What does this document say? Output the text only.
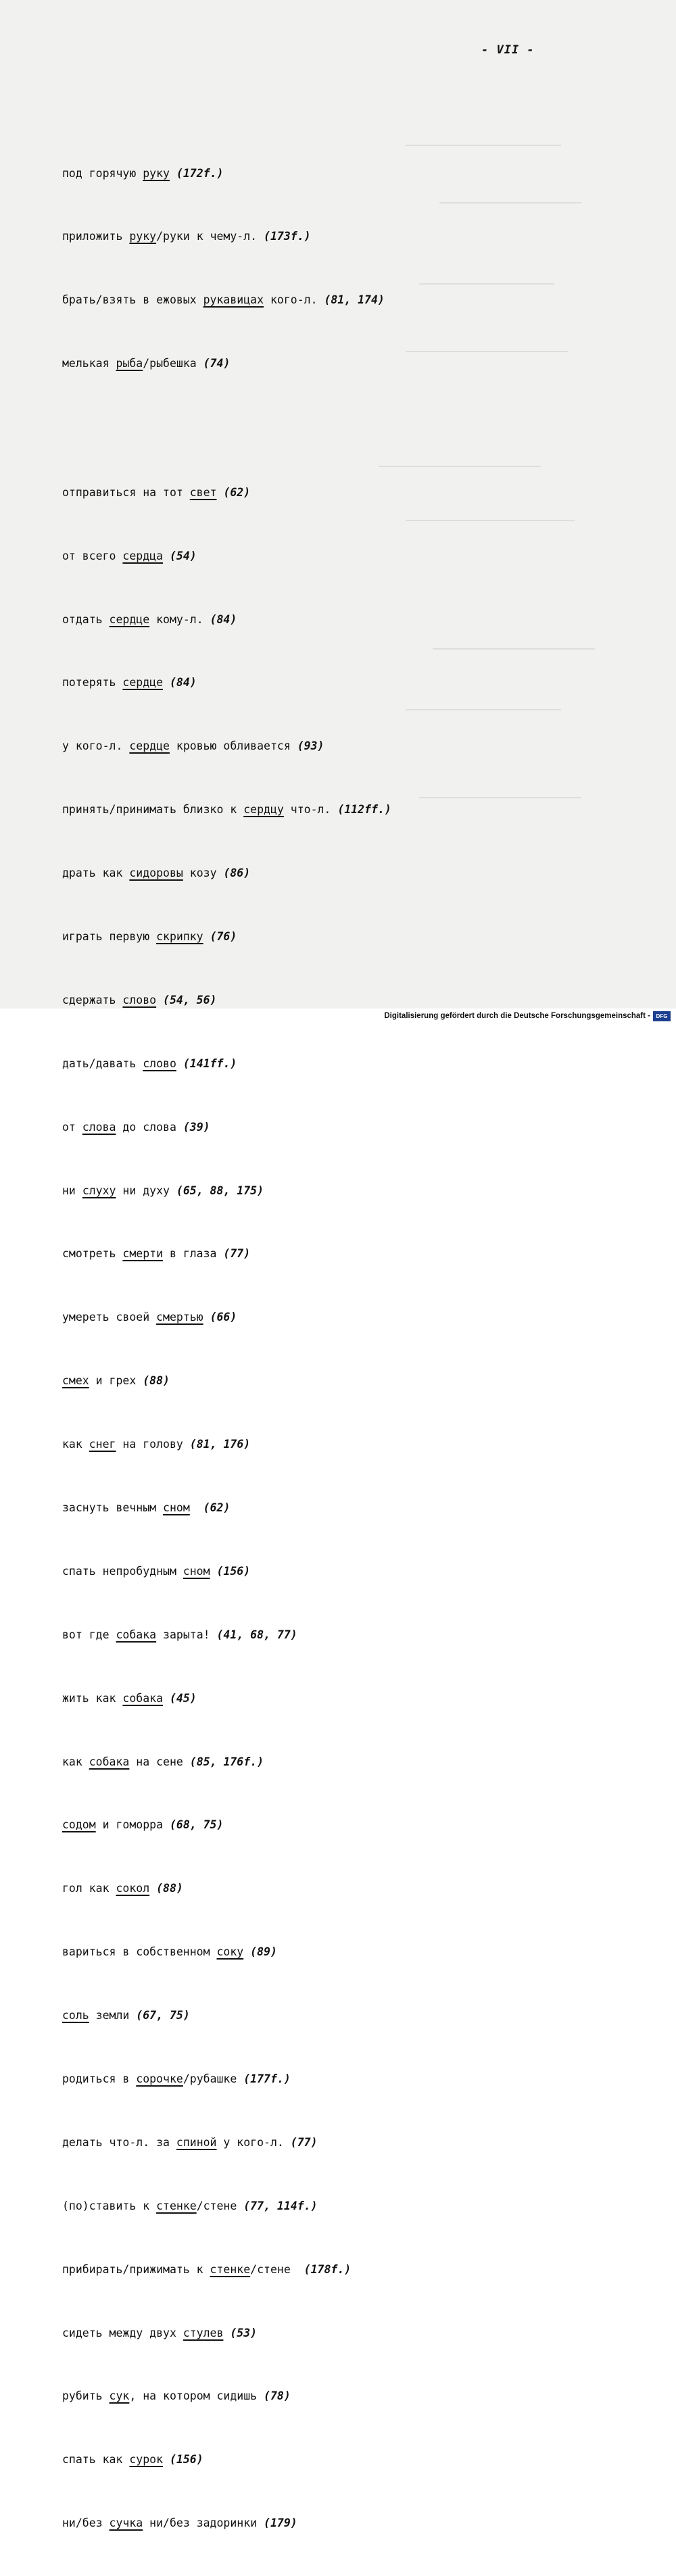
- VII -

под горячую руку (172f.)

приложить руку/руки к чему-л. (173f.)

брать/взять в ежовых рукавицах кого-л. (81, 174)

мелькая рыба/рыбешка (74)

отправиться на тот свет (62)

от всего сердца (54)

отдать сердце кому-л. (84)

потерять сердце (84)

у кого-л. сердце кровью обливается (93)

принять/принимать близко к сердцу что-л. (112ff.)

драть как сидоровы козу (86)

играть первую скрипку (76)

сдержать слово (54, 56)

дать/давать слово (141ff.)

от слова до слова (39)

ни слуху ни духу (65, 88, 175)

смотреть смерти в глаза (77)

умереть своей смертью (66)

смех и грех (88)

как снег на голову (81, 176)

заснуть вечным сном (62)

спать непробудным сном (156)

вот где собака зарыта! (41, 68, 77)

жить как собака (45)

как собака на сене (85, 176f.)

содом и гоморра (68, 75)

гол как сокол (88)

вариться в собственном соку (89)

соль земли (67, 75)

родиться в сорочке/рубашке (177f.)

делать что-л. за спиной у кого-л. (77)

(по)ставить к стенке/стене (77, 114f.)

прибирать/прижимать к стенке/стене  (178f.)

сидеть между двух стулев (53)

рубить сук, на котором сидишь (78)

спать как сурок (156)

ни/без сучка ни/без задоринки (179)

Digitalisierung gefördert durch die Deutsche Forschungsgemeinschaft -	DFG
